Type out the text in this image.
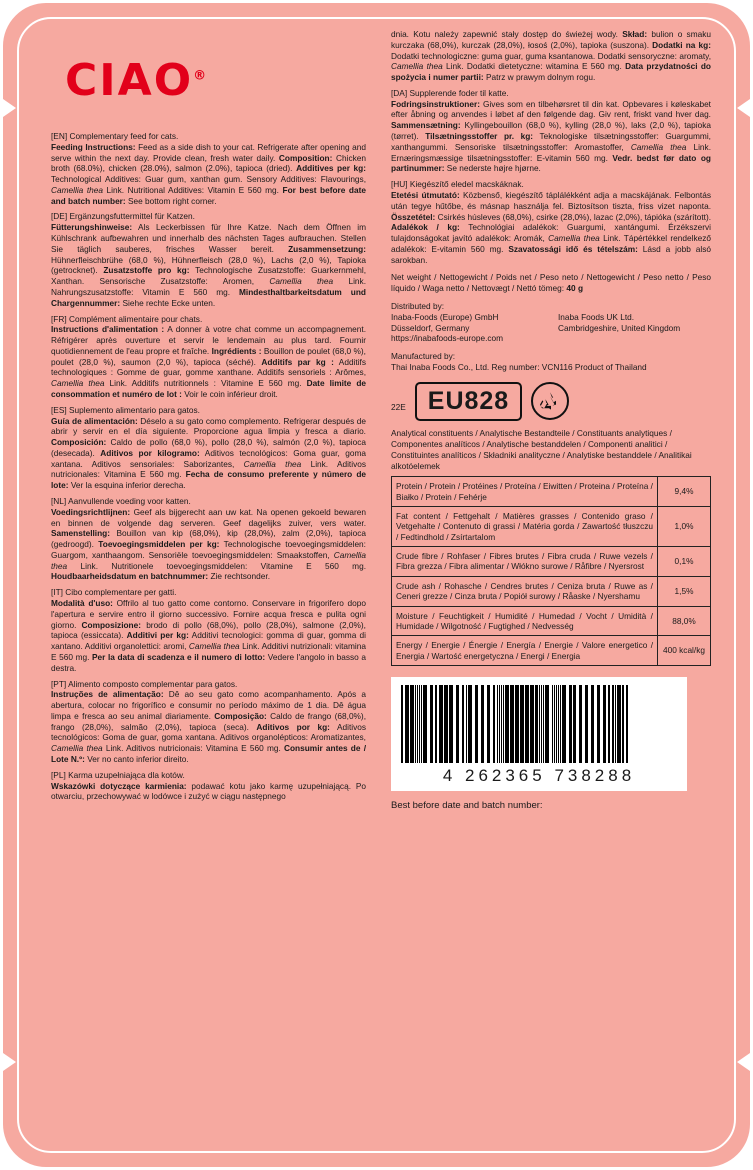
CIAO®
[EN] Complementary feed for cats.
Feeding Instructions: Feed as a side dish to your cat. Refrigerate after opening and serve within the next day. Provide clean, fresh water daily. Composition: Chicken broth (68.0%), chicken (28.0%), salmon (2.0%), tapioca (dried). Additives per kg: Technological Additives: Guar gum, xanthan gum. Sensory Additives: Flavourings, Camellia thea Link. Nutritional Additives: Vitamin E 560 mg. For best before date and batch number: See bottom right corner.
[DE] Ergänzungsfuttermittel für Katzen.
Fütterungshinweise: Als Leckerbissen für Ihre Katze. Nach dem Öffnen im Kühlschrank aufbewahren und innerhalb des nächsten Tages aufbrauchen. Stellen Sie täglich sauberes, frisches Wasser bereit. Zusammensetzung: Hühnerfleischbrühe (68,0 %), Hühnerfleisch (28,0 %), Lachs (2,0 %), Tapioka (getrocknet). Zusatzstoffe pro kg: Technologische Zusatzstoffe: Guarkernmehl, Xanthan. Sensorische Zusatzstoffe: Aromen, Camellia thea Link. Nahrungszusatzstoffe: Vitamin E 560 mg. Mindesthaltbarkeitsdatum und Chargennummer: Siehe rechte Ecke unten.
[FR] Complément alimentaire pour chats.
Instructions d'alimentation : A donner à votre chat comme un accompagnement. Réfrigérer après ouverture et servir le lendemain au plus tard. Fournir quotidiennement de l'eau propre et fraîche. Ingrédients : Bouillon de poulet (68,0 %), poulet (28,0 %), saumon (2,0 %), tapioca (séché). Additifs par kg : Additifs technologiques : Gomme de guar, gomme xanthane. Additifs sensoriels : Arômes, Camellia thea Link. Additifs nutritionnels : Vitamine E 560 mg. Date limite de consommation et numéro de lot : Voir le coin inférieur droit.
[ES] Suplemento alimentario para gatos.
Guía de alimentación: Déselo a su gato como complemento. Refrigerar después de abrir y servir en el día siguiente. Proporcione agua limpia y fresca a diario. Composición: Caldo de pollo (68,0 %), pollo (28,0 %), salmón (2,0 %), tapioca (desecada). Aditivos por kilogramo: Aditivos tecnológicos: Goma guar, goma xantana. Aditivos sensoriales: Saborizantes, Camellia thea Link. Aditivos nutricionales: Vitamina E 560 mg. Fecha de consumo preferente y número de lote: Ver la esquina inferior derecha.
[NL] Aanvullende voeding voor katten.
Voedingsrichtlijnen: Geef als bijgerecht aan uw kat. Na openen gekoeld bewaren en binnen de volgende dag serveren. Geef dagelijks zuiver, vers water. Samenstelling: Bouillon van kip (68,0%), kip (28,0%), zalm (2,0%), tapioca (gedroogd). Toevoegingsmiddelen per kg: Technologische toevoegingsmiddelen: Guargom, xanthaangom. Sensoriële toevoegingsmiddelen: Smaakstoffen, Camellia thea Link. Nutritionele toevoegingsmiddelen: Vitamine E 560 mg. Houdbaarheidsdatum en batchnummer: Zie rechtsonder.
[IT] Cibo complementare per gatti.
Modalità d'uso: Offrilo al tuo gatto come contorno. Conservare in frigorifero dopo l'apertura e servire entro il giorno successivo. Fornire acqua fresca e pulita ogni giorno. Composizione: brodo di pollo (68,0%), pollo (28,0%), salmone (2,0%), tapioca (essiccata). Additivi per kg: Additivi tecnologici: gomma di guar, gomma di xantano. Additivi organolettici: aromi, Camellia thea Link. Additivi nutrizionali: vitamina E 560 mg. Per la data di scadenza e il numero di lotto: Vedere l'angolo in basso a destra.
[PT] Alimento composto complementar para gatos.
Instruções de alimentação: Dê ao seu gato como acompanhamento. Após a abertura, colocar no frigorífico e consumir no período máximo de 1 dia. Dê água limpa e fresca ao seu animal diariamente. Composição: Caldo de frango (68,0%), frango (28,0%), salmão (2,0%), tapioca (seca). Aditivos por kg: Aditivos tecnológicos: Goma de guar, goma xantana. Aditivos organolépticos: Aromatizantes, Camellia thea Link. Aditivos nutricionais: Vitamina E 560 mg. Consumir antes de / Lote N.º: Ver no canto inferior direito.
[PL] Karma uzupełniająca dla kotów.
Wskazówki dotyczące karmienia: podawać kotu jako karmę uzupełniającą. Po otwarciu, przechowywać w lodówce i zużyć w ciągu następnego
dnia. Kotu należy zapewnić stały dostęp do świeżej wody. Skład: bulion o smaku kurczaka (68,0%), kurczak (28,0%), łosoś (2,0%), tapioka (suszona). Dodatki na kg: Dodatki technologiczne: guma guar, guma ksantanowa. Dodatki sensoryczne: aromaty, Camellia thea Link. Dodatki dietetyczne: witamina E 560 mg. Data przydatności do spożycia i numer partii: Patrz w prawym dolnym rogu.
[DA] Supplerende foder til katte.
Fodringsinstruktioner: Gives som en tilbehørsret til din kat. Opbevares i køleskabet efter åbning og anvendes i løbet af den følgende dag. Giv rent, friskt vand hver dag. Sammensætning: Kyllingebouillon (68,0 %), kylling (28,0 %), laks (2,0 %), tapioka (tørret). Tilsætningsstoffer pr. kg: Teknologiske tilsætningsstoffer: Guargummi, xanthangummi. Sensoriske tilsætningsstoffer: Aromastoffer, Camellia thea Link. Ernæringsmæssige tilsætningsstoffer: E-vitamin 560 mg. Vedr. bedst før dato og partinummer: Se nederste højre hjørne.
[HU] Kiegészítő eledel macskáknak.
Etetési útmutató: Közbenső, kiegészítő táplálékként adja a macskájának. Felbontás után tegye hűtőbe, és másnap használja fel. Biztosítson tiszta, friss vizet naponta. Összetétel: Csirkés húsleves (68,0%), csirke (28,0%), lazac (2,0%), tápióka (szárított). Adalékok / kg: Technológiai adalékok: Guargumi, xantángumi. Érzékszervi tulajdonságokat javító adalékok: Aromák, Camellia thea Link. Tápértékkel rendelkező adalékok: E-vitamin 560 mg. Szavatossági idő és tételszám: Lásd a jobb alsó sarokban.
Net weight / Nettogewicht / Poids net / Peso neto / Nettogewicht / Peso netto / Peso líquido / Waga netto / Nettovægt / Nettó tömeg: 40 g
Distributed by:
Inaba-Foods (Europe) GmbH
Düsseldorf, Germany
https://inabafoods-europe.com
Inaba Foods UK Ltd.
Cambridgeshire, United Kingdom
Manufactured by:
Thai Inaba Foods Co., Ltd. Reg number: VCN116 Product of Thailand
22E EU828
Analytical constituents / Analytische Bestandteile / Constituants analytiques / Componentes analíticos / Analytische bestanddelen / Componenti analitici / Constituintes analíticos / Składniki analityczne / Analytiske bestanddele / Analitikai alkotóelemek
Protein / Protein / Protéines / Proteína / Eiwitten / Proteina / Proteína / Białko / Protein / Fehérje	9,4%
Fat content / Fettgehalt / Matières grasses / Contenido graso / Vetgehalte / Contenuto di grassi / Matéria gorda / Zawartość tłuszczu / Fedtindhold / Zsírtartalom	1,0%
Crude fibre / Rohfaser / Fibres brutes / Fibra cruda / Ruwe vezels / Fibra grezza / Fibra alimentar / Włókno surowe / Råfibre / Nyersrost	0,1%
Crude ash / Rohasche / Cendres brutes / Ceniza bruta / Ruwe as / Ceneri grezze / Cinza bruta / Popiół surowy / Råaske / Nyershamu	1,5%
Moisture / Feuchtigkeit / Humidité / Humedad / Vocht / Umidità / Humidade / Wilgotność / Fugtighed / Nedvesség	88,0%
Energy / Energie / Énergie / Energía / Energie / Valore energetico / Energia / Wartość energetyczna / Energi / Energia	400 kcal/kg
4 262365 738288
Best before date and batch number:
